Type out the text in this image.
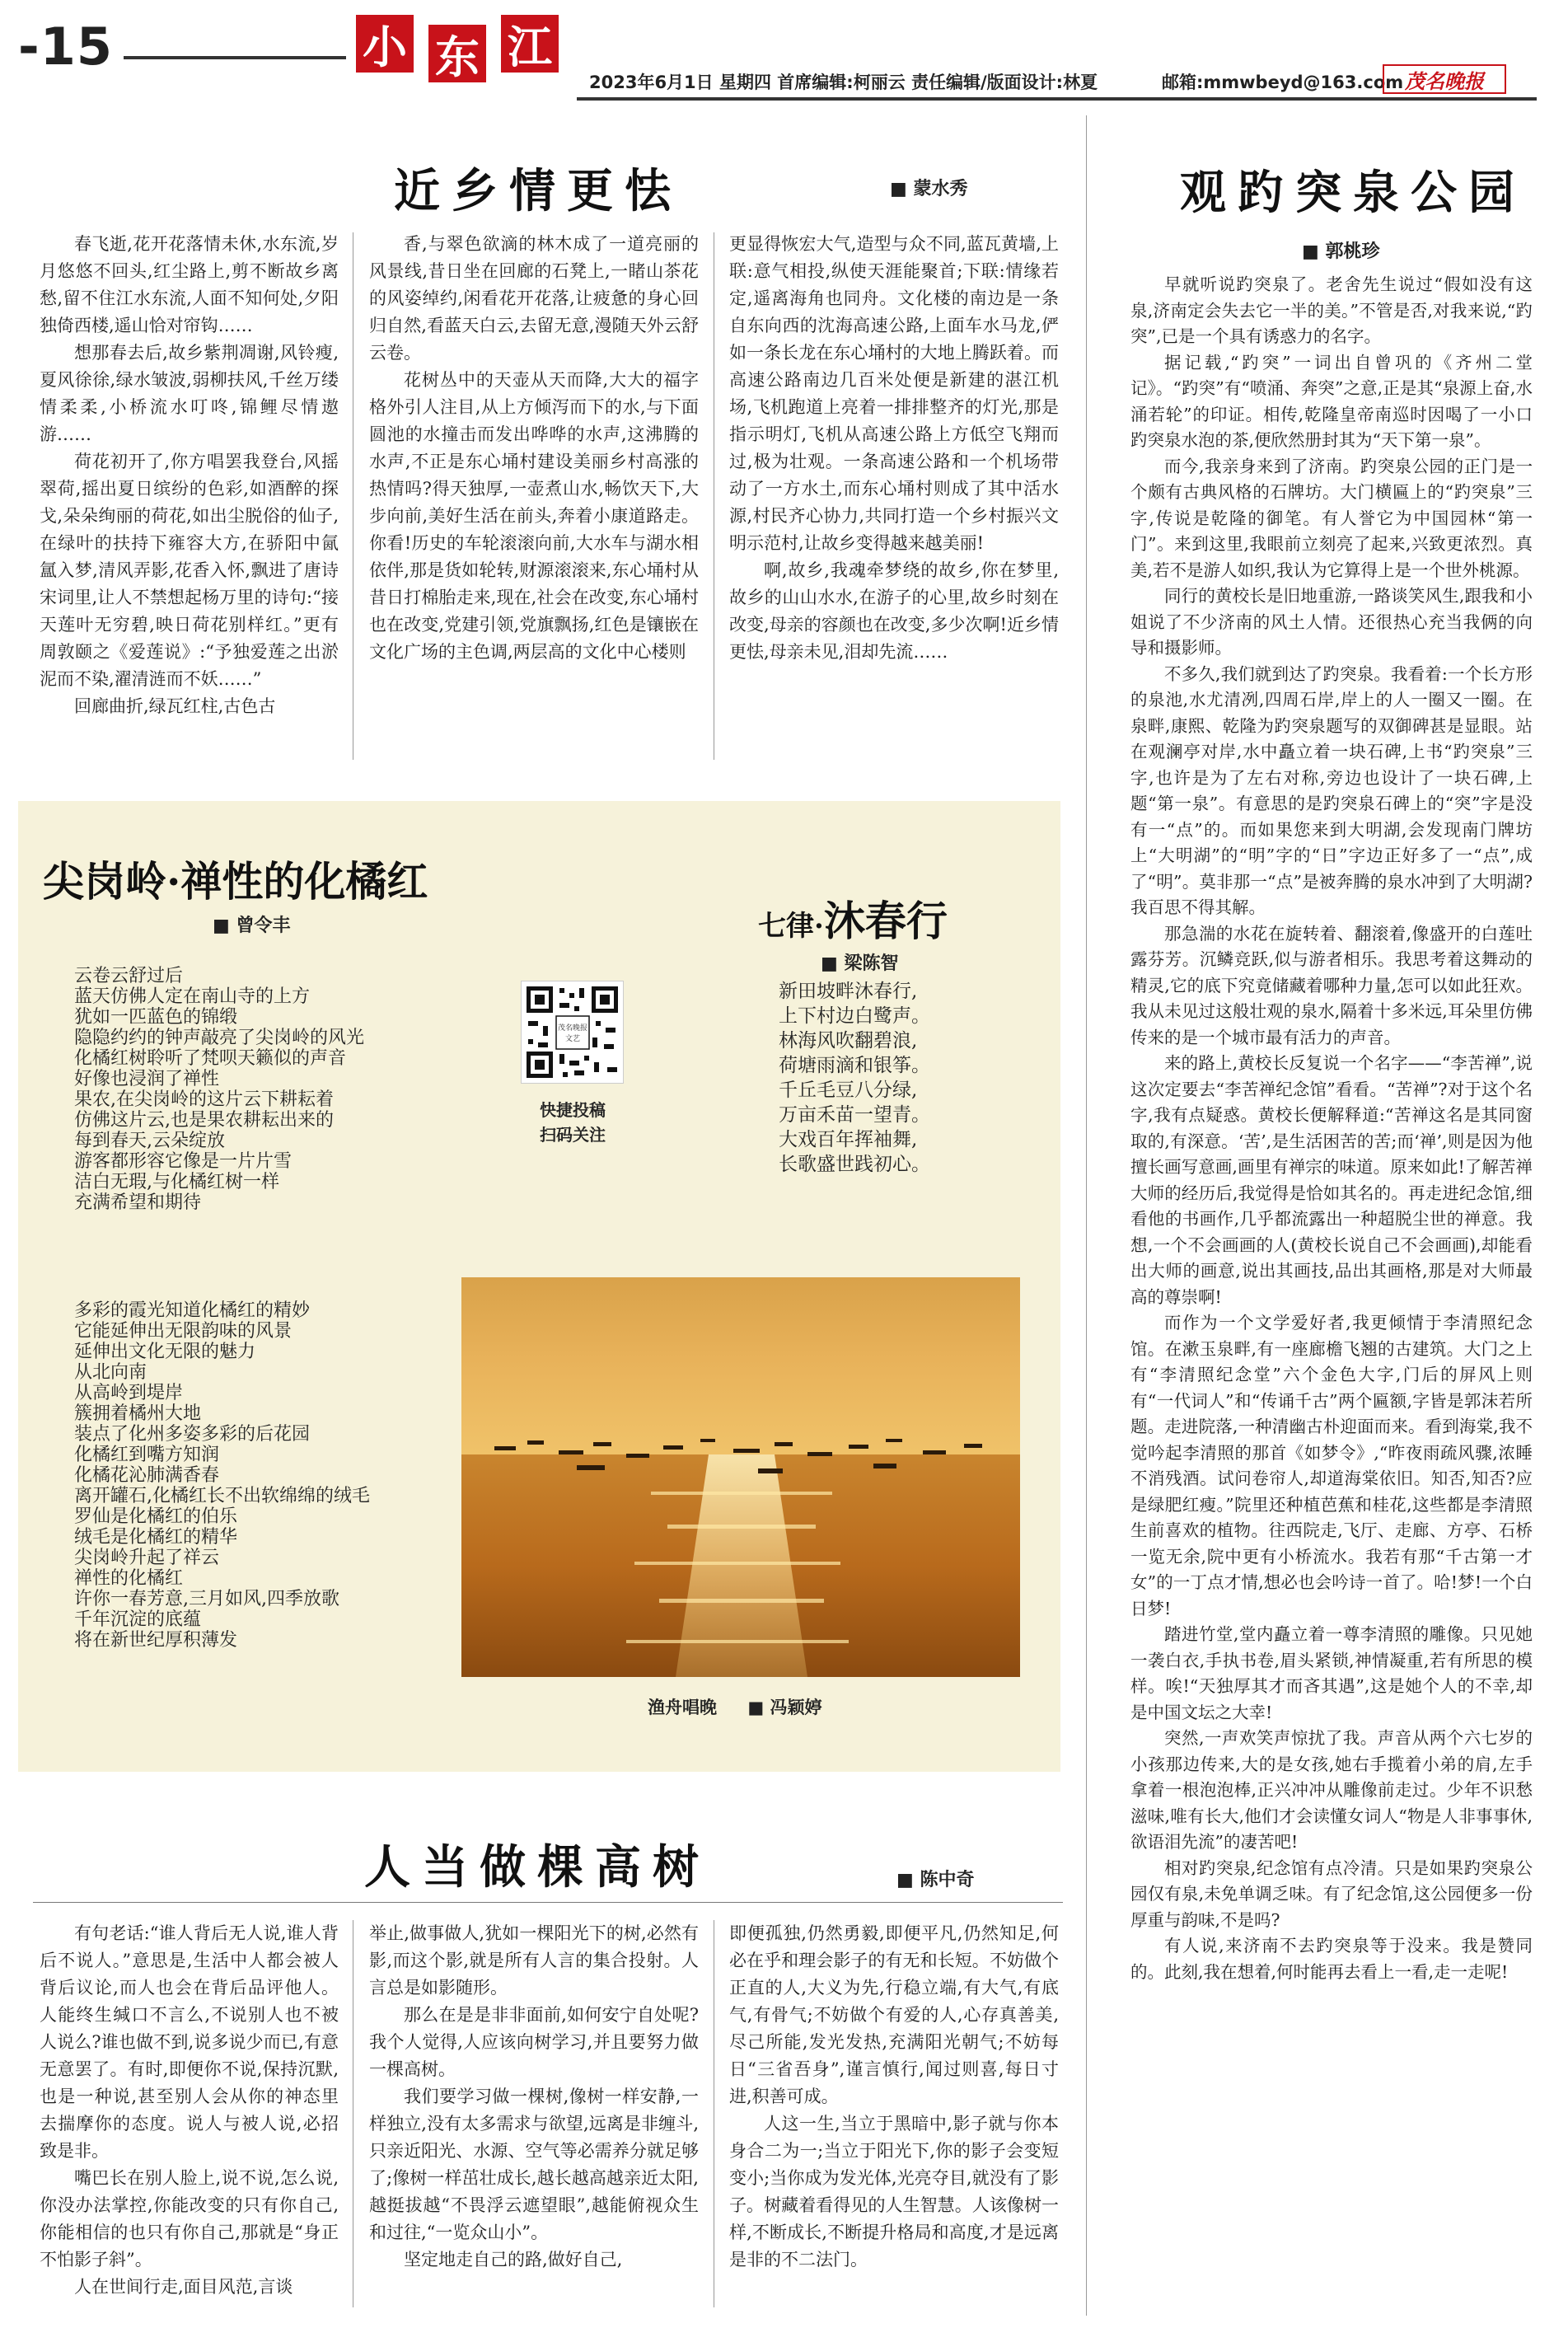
-15	小 东 江
2023年6月1日 星期四 首席编辑:柯丽云 责任编辑/版面设计:林夏	邮箱:mmwbeyd@163.com 茂名晚报
近乡情更怯	■ 蒙水秀

春飞逝,花开花落情未休,水东流,岁月悠悠不回头,红尘路上,剪不断故乡离愁,留不住江水东流,人面不知何处,夕阳独倚西楼,遥山恰对帘钩……

想那春去后,故乡紫荆凋谢,风铃瘦,夏风徐徐,绿水皱波,弱柳扶风,千丝万缕情柔柔,小桥流水叮咚,锦鲤尽情遨游……

荷花初开了,你方唱罢我登台,风摇翠荷,摇出夏日缤纷的色彩,如酒醉的探戈,朵朵绚丽的荷花,如出尘脱俗的仙子,在绿叶的扶持下雍容大方,在骄阳中氤氲入梦,清风弄影,花香入怀,飘进了唐诗宋词里,让人不禁想起杨万里的诗句:“接天莲叶无穷碧,映日荷花别样红。”更有周敦颐之《爱莲说》:“予独爱莲之出淤泥而不染,濯清涟而不妖……”

回廊曲折,绿瓦红柱,古色古

香,与翠色欲滴的林木成了一道亮丽的风景线,昔日坐在回廊的石凳上,一睹山茶花的风姿绰约,闲看花开花落,让疲惫的身心回归自然,看蓝天白云,去留无意,漫随天外云舒云卷。

花树丛中的天壶从天而降,大大的福字格外引人注目,从上方倾泻而下的水,与下面圆池的水撞击而发出哗哗的水声,这沸腾的水声,不正是东心埇村建设美丽乡村高涨的热情吗?得天独厚,一壶煮山水,畅饮天下,大步向前,美好生活在前头,奔着小康道路走。你看!历史的车轮滚滚向前,大水车与湖水相依伴,那是货如轮转,财源滚滚来,东心埇村从昔日打棉胎走来,现在,社会在改变,东心埇村也在改变,党建引领,党旗飘扬,红色是镶嵌在文化广场的主色调,两层高的文化中心楼则

更显得恢宏大气,造型与众不同,蓝瓦黄墙,上联:意气相投,纵使天涯能聚首;下联:情缘若定,遥离海角也同舟。文化楼的南边是一条自东向西的沈海高速公路,上面车水马龙,俨如一条长龙在东心埇村的大地上腾跃着。而高速公路南边几百米处便是新建的湛江机场,飞机跑道上亮着一排排整齐的灯光,那是指示明灯,飞机从高速公路上方低空飞翔而过,极为壮观。一条高速公路和一个机场带动了一方水土,而东心埇村则成了其中活水源,村民齐心协力,共同打造一个乡村振兴文明示范村,让故乡变得越来越美丽!

啊,故乡,我魂牵梦绕的故乡,你在梦里,故乡的山山水水,在游子的心里,故乡时刻在改变,母亲的容颜也在改变,多少次啊!近乡情更怯,母亲未见,泪却先流……

尖岗岭·禅性的化橘红
■ 曾令丰
云卷云舒过后
蓝天仿佛人定在南山寺的上方
犹如一匹蓝色的锦缎
隐隐约约的钟声敲亮了尖岗岭的风光
化橘红树聆听了梵呗天籁似的声音
好像也浸润了禅性
果农,在尖岗岭的这片云下耕耘着
仿佛这片云,也是果农耕耘出来的
每到春天,云朵绽放
游客都形容它像是一片片雪
洁白无瑕,与化橘红树一样
充满希望和期待
多彩的霞光知道化橘红的精妙
它能延伸出无限韵味的风景
延伸出文化无限的魅力
从北向南
从高岭到堤岸
簇拥着橘州大地
装点了化州多姿多彩的后花园
化橘红到嘴方知润
化橘花沁肺满香春
离开罐石,化橘红长不出软绵绵的绒毛
罗仙是化橘红的伯乐
绒毛是化橘红的精华
尖岗岭升起了祥云
禅性的化橘红
许你一春芳意,三月如风,四季放歌
千年沉淀的底蕴
将在新世纪厚积薄发
七律·沐春行
■ 梁陈智
新田坡畔沐春行,
上下村边白鹭声。
林海风吹翻碧浪,
荷塘雨滴和银筝。
千丘毛豆八分绿,
万亩禾苗一望青。
大戏百年挥袖舞,
长歌盛世践初心。
茂名晚报
文艺
快捷投稿
扫码关注
渔舟唱晚 ■ 冯颖婷
人当做棵高树	■ 陈中奇

有句老话:“谁人背后无人说,谁人背后不说人。”意思是,生活中人都会被人背后议论,而人也会在背后品评他人。人能终生缄口不言么,不说别人也不被人说么?谁也做不到,说多说少而已,有意无意罢了。有时,即便你不说,保持沉默,也是一种说,甚至别人会从你的神态里去揣摩你的态度。说人与被人说,必招致是非。

嘴巴长在别人脸上,说不说,怎么说,你没办法掌控,你能改变的只有你自己,你能相信的也只有你自己,那就是“身正不怕影子斜”。

人在世间行走,面目风范,言谈

举止,做事做人,犹如一棵阳光下的树,必然有影,而这个影,就是所有人言的集合投射。人言总是如影随形。

那么在是是非非面前,如何安宁自处呢?我个人觉得,人应该向树学习,并且要努力做一棵高树。

我们要学习做一棵树,像树一样安静,一样独立,没有太多需求与欲望,远离是非缠斗,只亲近阳光、水源、空气等必需养分就足够了;像树一样茁壮成长,越长越高越亲近太阳,越挺拔越“不畏浮云遮望眼”,越能俯视众生和过往,“一览众山小”。

坚定地走自己的路,做好自己,

即便孤独,仍然勇毅,即便平凡,仍然知足,何必在乎和理会影子的有无和长短。不妨做个正直的人,大义为先,行稳立端,有大气,有底气,有骨气;不妨做个有爱的人,心存真善美,尽己所能,发光发热,充满阳光朝气;不妨每日“三省吾身”,谨言慎行,闻过则喜,每日寸进,积善可成。

人这一生,当立于黑暗中,影子就与你本身合二为一;当立于阳光下,你的影子会变短变小;当你成为发光体,光亮夺目,就没有了影子。树藏着看得见的人生智慧。人该像树一样,不断成长,不断提升格局和高度,才是远离是非的不二法门。

观趵突泉公园
■ 郭桃珍

早就听说趵突泉了。老舍先生说过“假如没有这泉,济南定会失去它一半的美。”不管是否,对我来说,“趵突”,已是一个具有诱惑力的名字。

据记载,“趵突”一词出自曾巩的《齐州二堂记》。“趵突”有“喷涌、奔突”之意,正是其“泉源上奋,水涌若轮”的印证。相传,乾隆皇帝南巡时因喝了一小口趵突泉水泡的茶,便欣然册封其为“天下第一泉”。

而今,我亲身来到了济南。趵突泉公园的正门是一个颇有古典风格的石牌坊。大门横匾上的“趵突泉”三字,传说是乾隆的御笔。有人誉它为中国园林“第一门”。来到这里,我眼前立刻亮了起来,兴致更浓烈。真美,若不是游人如织,我认为它算得上是一个世外桃源。

同行的黄校长是旧地重游,一路谈笑风生,跟我和小姐说了不少济南的风土人情。还很热心充当我俩的向导和摄影师。

不多久,我们就到达了趵突泉。我看着:一个长方形的泉池,水尤清冽,四周石岸,岸上的人一圈又一圈。在泉畔,康熙、乾隆为趵突泉题写的双御碑甚是显眼。站在观澜亭对岸,水中矗立着一块石碑,上书“趵突泉”三字,也许是为了左右对称,旁边也设计了一块石碑,上题“第一泉”。有意思的是趵突泉石碑上的“突”字是没有一“点”的。而如果您来到大明湖,会发现南门牌坊上“大明湖”的“明”字的“日”字边正好多了一“点”,成了“明”。莫非那一“点”是被奔腾的泉水冲到了大明湖?我百思不得其解。

那急湍的水花在旋转着、翻滚着,像盛开的白莲吐露芬芳。沉鳞竞跃,似与游者相乐。我思考着这舞动的精灵,它的底下究竟储藏着哪种力量,怎可以如此狂欢。我从未见过这般壮观的泉水,隔着十多米远,耳朵里仿佛传来的是一个城市最有活力的声音。

来的路上,黄校长反复说一个名字——“李苦禅”,说这次定要去“李苦禅纪念馆”看看。“苦禅”?对于这个名字,我有点疑惑。黄校长便解释道:“苦禅这名是其同窗取的,有深意。‘苦’,是生活困苦的苦;而‘禅’,则是因为他擅长画写意画,画里有禅宗的味道。原来如此!了解苦禅大师的经历后,我觉得是恰如其名的。再走进纪念馆,细看他的书画作,几乎都流露出一种超脱尘世的禅意。我想,一个不会画画的人(黄校长说自己不会画画),却能看出大师的画意,说出其画技,品出其画格,那是对大师最高的尊崇啊!

而作为一个文学爱好者,我更倾情于李清照纪念馆。在漱玉泉畔,有一座廊檐飞翘的古建筑。大门之上有“李清照纪念堂”六个金色大字,门后的屏风上则有“一代词人”和“传诵千古”两个匾额,字皆是郭沫若所题。走进院落,一种清幽古朴迎面而来。看到海棠,我不觉吟起李清照的那首《如梦令》,“昨夜雨疏风骤,浓睡不消残酒。试问卷帘人,却道海棠依旧。知否,知否?应是绿肥红瘦。”院里还种植芭蕉和桂花,这些都是李清照生前喜欢的植物。往西院走,飞厅、走廊、方亭、石桥一览无余,院中更有小桥流水。我若有那“千古第一才女”的一丁点才情,想必也会吟诗一首了。哈!梦!一个白日梦!

踏进竹堂,堂内矗立着一尊李清照的雕像。只见她一袭白衣,手执书卷,眉头紧锁,神情凝重,若有所思的模样。唉!“天独厚其才而吝其遇”,这是她个人的不幸,却是中国文坛之大幸!

突然,一声欢笑声惊扰了我。声音从两个六七岁的小孩那边传来,大的是女孩,她右手揽着小弟的肩,左手拿着一根泡泡棒,正兴冲冲从雕像前走过。少年不识愁滋味,唯有长大,他们才会读懂女词人“物是人非事事休,欲语泪先流”的凄苦吧!

相对趵突泉,纪念馆有点冷清。只是如果趵突泉公园仅有泉,未免单调乏味。有了纪念馆,这公园便多一份厚重与韵味,不是吗?

有人说,来济南不去趵突泉等于没来。我是赞同的。此刻,我在想着,何时能再去看上一看,走一走呢!
